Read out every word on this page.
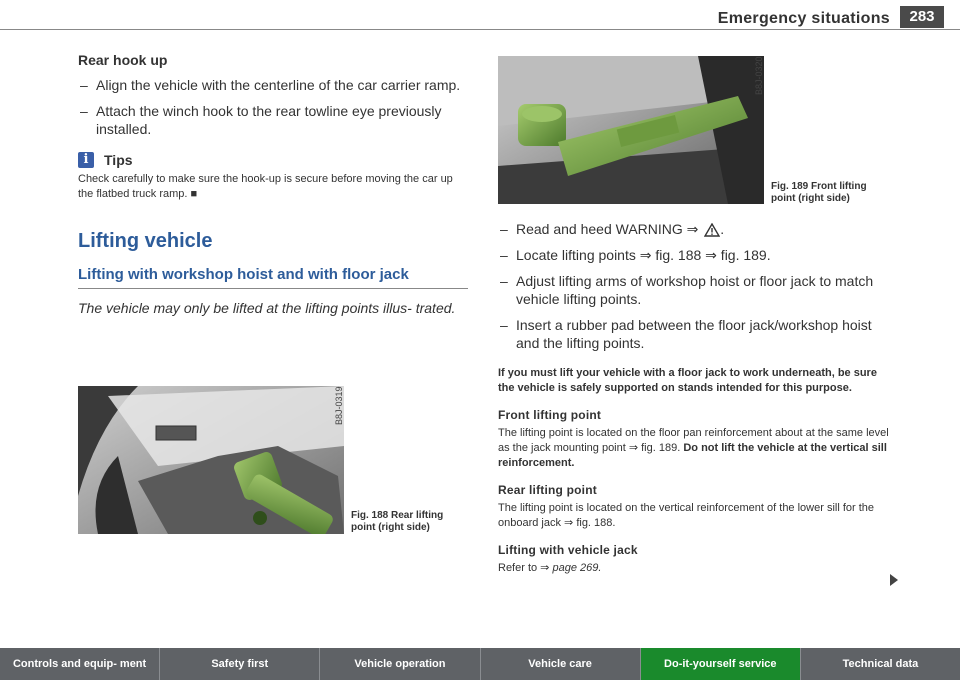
Emergency situations	283
Rear hook up
– Align the vehicle with the centerline of the car carrier ramp.
– Attach the winch hook to the rear towline eye previously installed.
i	Tips
Check carefully to make sure the hook-up is secure before moving the car up the flatbed truck ramp. ■
Lifting vehicle
Lifting with workshop hoist and with floor jack

The vehicle may only be lifted at the lifting points illus- trated.

B8J-0319
Fig. 188 Rear lifting point (right side)
B8J-0320
Fig. 189 Front lifting point (right side)
– Read and heed WARNING ⇒ .
– Locate lifting points ⇒ fig. 188 ⇒ fig. 189.
– Adjust lifting arms of workshop hoist or floor jack to match vehicle lifting points.
– Insert a rubber pad between the floor jack/workshop hoist and the lifting points.
If you must lift your vehicle with a floor jack to work underneath, be sure the vehicle is safely supported on stands intended for this purpose.
Front lifting point

The lifting point is located on the floor pan reinforcement about at the same level as the jack mounting point ⇒ fig. 189. Do not lift the vehicle at the vertical sill reinforcement.

Rear lifting point

The lifting point is located on the vertical reinforcement of the lower sill for the onboard jack ⇒ fig. 188.

Lifting with vehicle jack

Refer to ⇒ page 269.

Controls and equip- ment	Safety first	Vehicle operation	Vehicle care	Do-it-yourself service	Technical data
